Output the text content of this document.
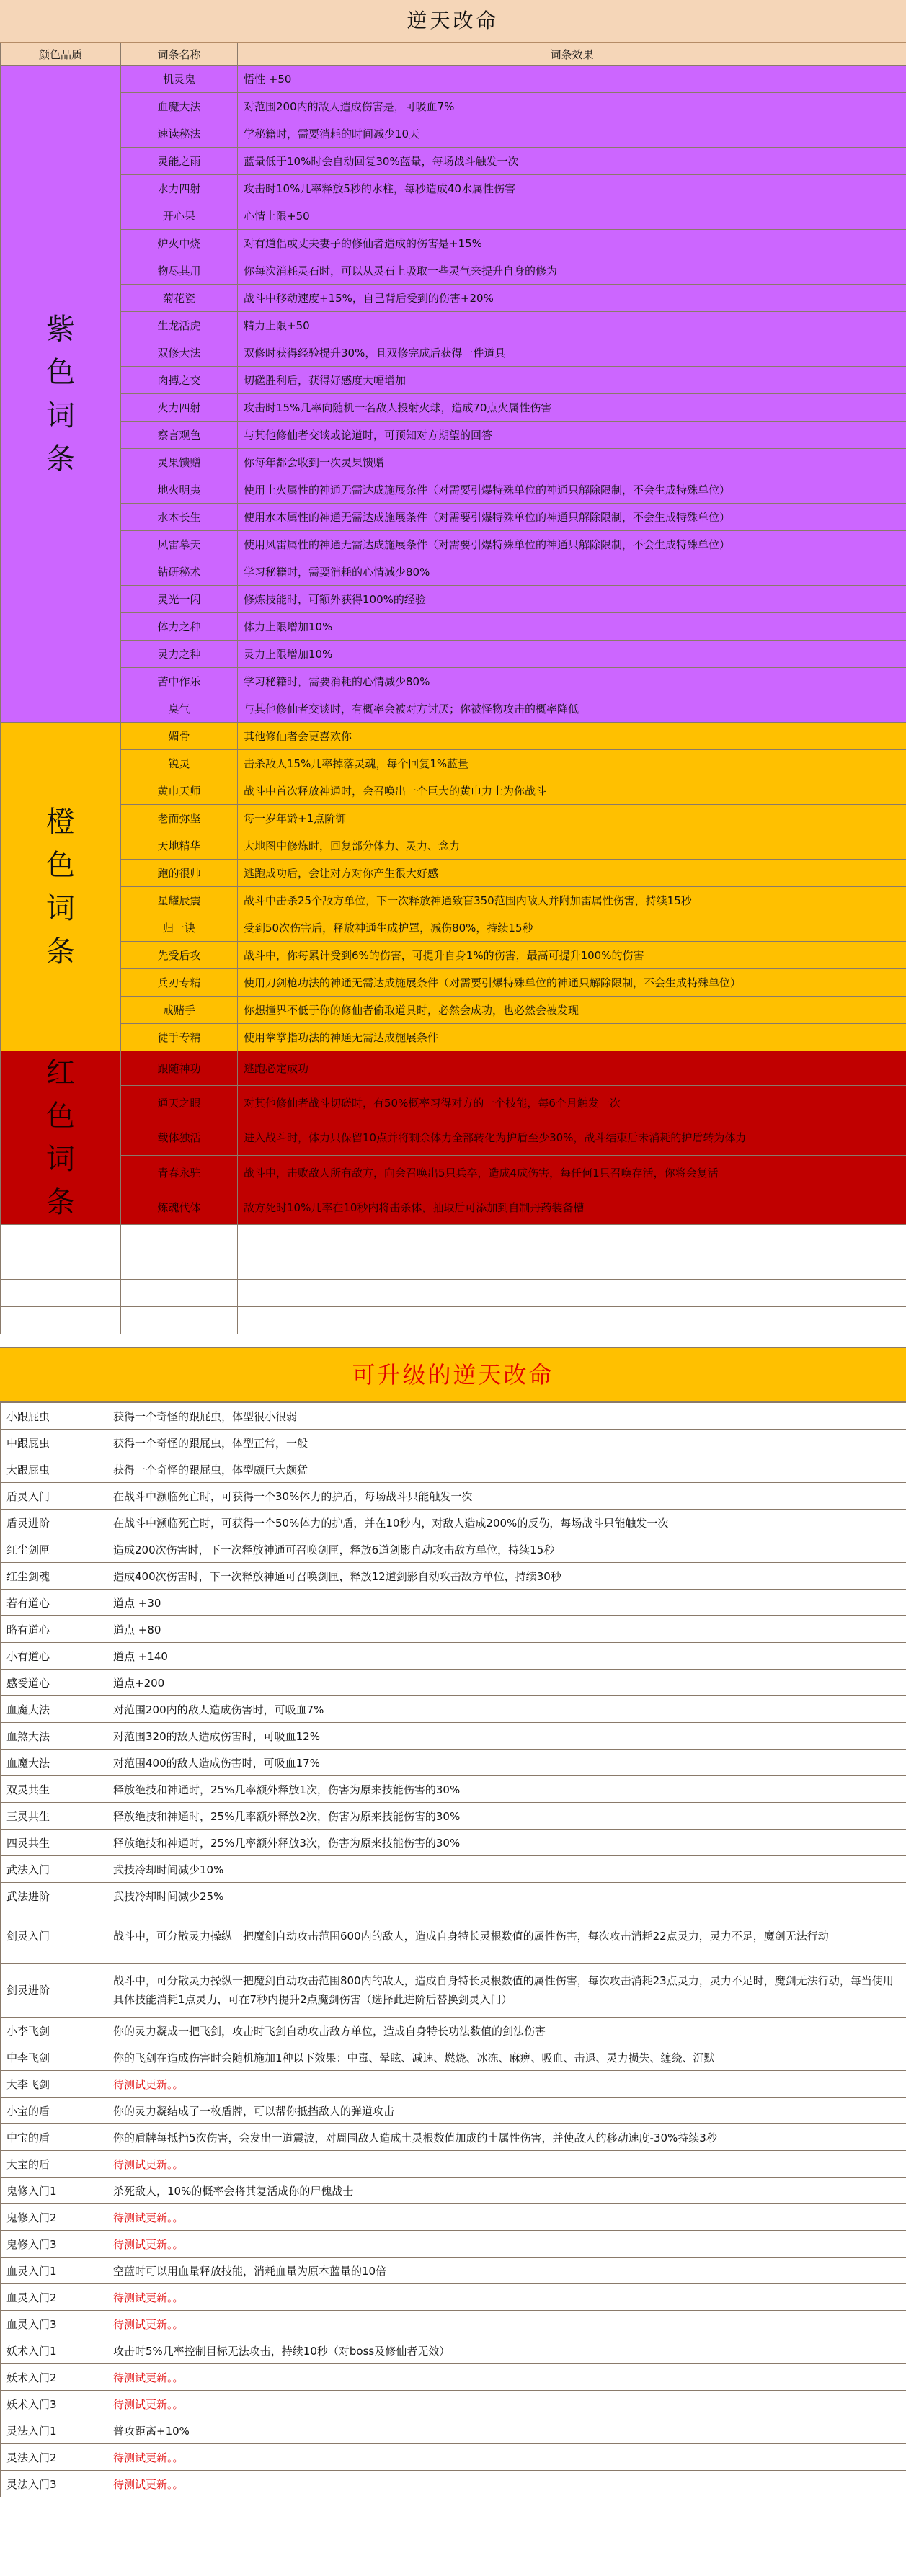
逆天改命
颜色品质	词条名称	词条效果
紫色词条	机灵鬼	悟性 +50
	血魔大法	对范围200内的敌人造成伤害是，可吸血7%
	速读秘法	学秘籍时，需要消耗的时间减少10天
	灵能之雨	蓝量低于10%时会自动回复30%蓝量，每场战斗触发一次
	水力四射	攻击时10%几率释放5秒的水柱，每秒造成40水属性伤害
	开心果	心情上限+50
	炉火中烧	对有道侣或丈夫妻子的修仙者造成的伤害是+15%
	物尽其用	你每次消耗灵石时，可以从灵石上吸取一些灵气来提升自身的修为
	菊花瓷	战斗中移动速度+15%，自己背后受到的伤害+20%
	生龙活虎	精力上限+50
	双修大法	双修时获得经验提升30%，且双修完成后获得一件道具
	肉搏之交	切磋胜利后，获得好感度大幅增加
	火力四射	攻击时15%几率向随机一名敌人投射火球，造成70点火属性伤害
	察言观色	与其他修仙者交谈或论道时，可预知对方期望的回答
	灵果馈赠	你每年都会收到一次灵果馈赠
	地火明夷	使用土火属性的神通无需达成施展条件（对需要引爆特殊单位的神通只解除限制，不会生成特殊单位）
	水木长生	使用水木属性的神通无需达成施展条件（对需要引爆特殊单位的神通只解除限制，不会生成特殊单位）
	风雷摹天	使用风雷属性的神通无需达成施展条件（对需要引爆特殊单位的神通只解除限制，不会生成特殊单位）
	钻研秘术	学习秘籍时，需要消耗的心情减少80%
	灵光一闪	修炼技能时，可额外获得100%的经验
	体力之种	体力上限增加10%
	灵力之种	灵力上限增加10%
	苦中作乐	学习秘籍时，需要消耗的心情减少80%
	臭气	与其他修仙者交谈时，有概率会被对方讨厌；你被怪物攻击的概率降低
橙色词条	媚骨	其他修仙者会更喜欢你
	锐灵	击杀敌人15%几率掉落灵魂，每个回复1%蓝量
	黄巾天师	战斗中首次释放神通时，会召唤出一个巨大的黄巾力士为你战斗
	老而弥坚	每一岁年龄+1点阶御
	天地精华	大地图中修炼时，回复部分体力、灵力、念力
	跑的很帅	逃跑成功后，会让对方对你产生很大好感
	星耀辰震	战斗中击杀25个敌方单位，下一次释放神通致盲350范围内敌人并附加雷属性伤害，持续15秒
	归一诀	受到50次伤害后，释放神通生成护罩，减伤80%，持续15秒
	先受后攻	战斗中，你每累计受到6%的伤害，可提升自身1%的伤害，最高可提升100%的伤害
	兵刃专精	使用刀剑枪功法的神通无需达成施展条件（对需要引爆特殊单位的神通只解除限制，不会生成特殊单位）
	戒赌手	你想撞界不低于你的修仙者偷取道具时，必然会成功，也必然会被发现
	徒手专精	使用拳掌指功法的神通无需达成施展条件
红色词条	跟随神功	逃跑必定成功
	通天之眼	对其他修仙者战斗切磋时，有50%概率习得对方的一个技能，每6个月触发一次
	载体独活	进入战斗时，体力只保留10点并将剩余体力全部转化为护盾至少30%，战斗结束后未消耗的护盾转为体力
	青春永驻	战斗中，击败敌人所有敌方，向会召唤出5只兵卒，造成4成伤害，每任何1只召唤存活，你将会复活
	炼魂代体	敌方死时10%几率在10秒内将击杀体，抽取后可添加到自制丹药装备槽

可升级的逆天改命
小跟屁虫	获得一个奇怪的跟屁虫，体型很小很弱
中跟屁虫	获得一个奇怪的跟屁虫，体型正常，一般
大跟屁虫	获得一个奇怪的跟屁虫，体型颇巨大颇猛
盾灵入门	在战斗中濒临死亡时，可获得一个30%体力的护盾，每场战斗只能触发一次
盾灵进阶	在战斗中濒临死亡时，可获得一个50%体力的护盾，并在10秒内，对敌人造成200%的反伤，每场战斗只能触发一次
红尘剑匣	造成200次伤害时，下一次释放神通可召唤剑匣，释放6道剑影自动攻击敌方单位，持续15秒
红尘剑魂	造成400次伤害时，下一次释放神通可召唤剑匣，释放12道剑影自动攻击敌方单位，持续30秒
若有道心	道点 +30
略有道心	道点 +80
小有道心	道点 +140
感受道心	道点+200
血魔大法	对范围200内的敌人造成伤害时，可吸血7%
血煞大法	对范围320的敌人造成伤害时，可吸血12%
血魔大法	对范围400的敌人造成伤害时，可吸血17%
双灵共生	释放绝技和神通时，25%几率额外释放1次，伤害为原来技能伤害的30%
三灵共生	释放绝技和神通时，25%几率额外释放2次，伤害为原来技能伤害的30%
四灵共生	释放绝技和神通时，25%几率额外释放3次，伤害为原来技能伤害的30%
武法入门	武技冷却时间减少10%
武法进阶	武技冷却时间减少25%
剑灵入门	战斗中，可分散灵力操纵一把魔剑自动攻击范围600内的敌人，造成自身特长灵根数值的属性伤害，每次攻击消耗22点灵力，灵力不足，魔剑无法行动
剑灵进阶	战斗中，可分散灵力操纵一把魔剑自动攻击范围800内的敌人，造成自身特长灵根数值的属性伤害，每次攻击消耗23点灵力，灵力不足时，魔剑无法行动，每当使用具体技能消耗1点灵力，可在7秒内提升2点魔剑伤害（选择此进阶后替换剑灵入门）
小李飞剑	你的灵力凝成一把飞剑，攻击时飞剑自动攻击敌方单位，造成自身特长功法数值的剑法伤害
中李飞剑	你的飞剑在造成伤害时会随机施加1种以下效果：中毒、晕眩、减速、燃烧、冰冻、麻痹、吸血、击退、灵力损失、缠绕、沉默
大李飞剑	待测试更新。。
小宝的盾	你的灵力凝结成了一枚盾牌，可以帮你抵挡敌人的弹道攻击
中宝的盾	你的盾牌每抵挡5次伤害，会发出一道震波，对周围敌人造成土灵根数值加成的土属性伤害，并使敌人的移动速度-30%持续3秒
大宝的盾	待测试更新。。
鬼修入门1	杀死敌人，10%的概率会将其复活成你的尸傀战士
鬼修入门2	待测试更新。。
鬼修入门3	待测试更新。。
血灵入门1	空蓝时可以用血量释放技能，消耗血量为原本蓝量的10倍
血灵入门2	待测试更新。。
血灵入门3	待测试更新。。
妖术入门1	攻击时5%几率控制目标无法攻击，持续10秒（对boss及修仙者无效）
妖术入门2	待测试更新。。
妖术入门3	待测试更新。。
灵法入门1	普攻距离+10%
灵法入门2	待测试更新。。
灵法入门3	待测试更新。。
